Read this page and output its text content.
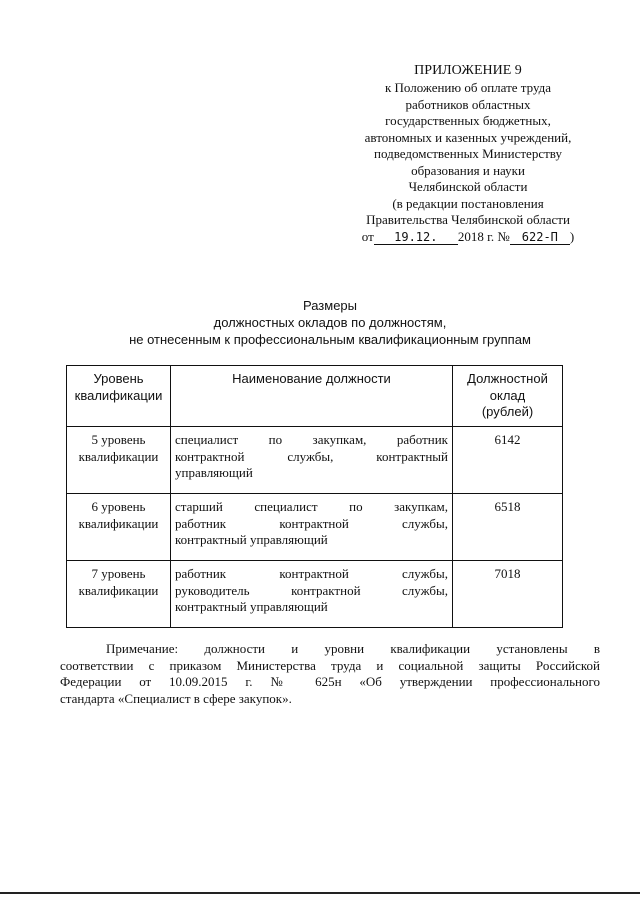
ПРИЛОЖЕНИЕ 9
к Положению об оплате труда
работников областных
государственных бюджетных,
автономных и казенных учреждений,
подведомственных Министерству
образования и науки
Челябинской области
(в редакции постановления
Правительства Челябинской области
от 19.12. 2018 г. № 622-П )
Размеры
должностных окладов по должностям,
не отнесенным к профессиональным квалификационным группам
Уровень
квалификации	Наименование должности	Должностной
оклад
(рублей)

5 уровень
квалификации	специалист по закупкам, работник
контрактной службы, контрактный
управляющий	6142

6 уровень
квалификации	старший специалист по закупкам,
работник контрактной службы,
контрактный управляющий	6518

7 уровень
квалификации	работник контрактной службы,
руководитель контрактной службы,
контрактный управляющий	7018
Примечание: должности и уровни квалификации установлены в
соответствии с приказом Министерства труда и социальной защиты Российской
Федерации от 10.09.2015 г. № 625н «Об утверждении профессионального
стандарта «Специалист в сфере закупок».
